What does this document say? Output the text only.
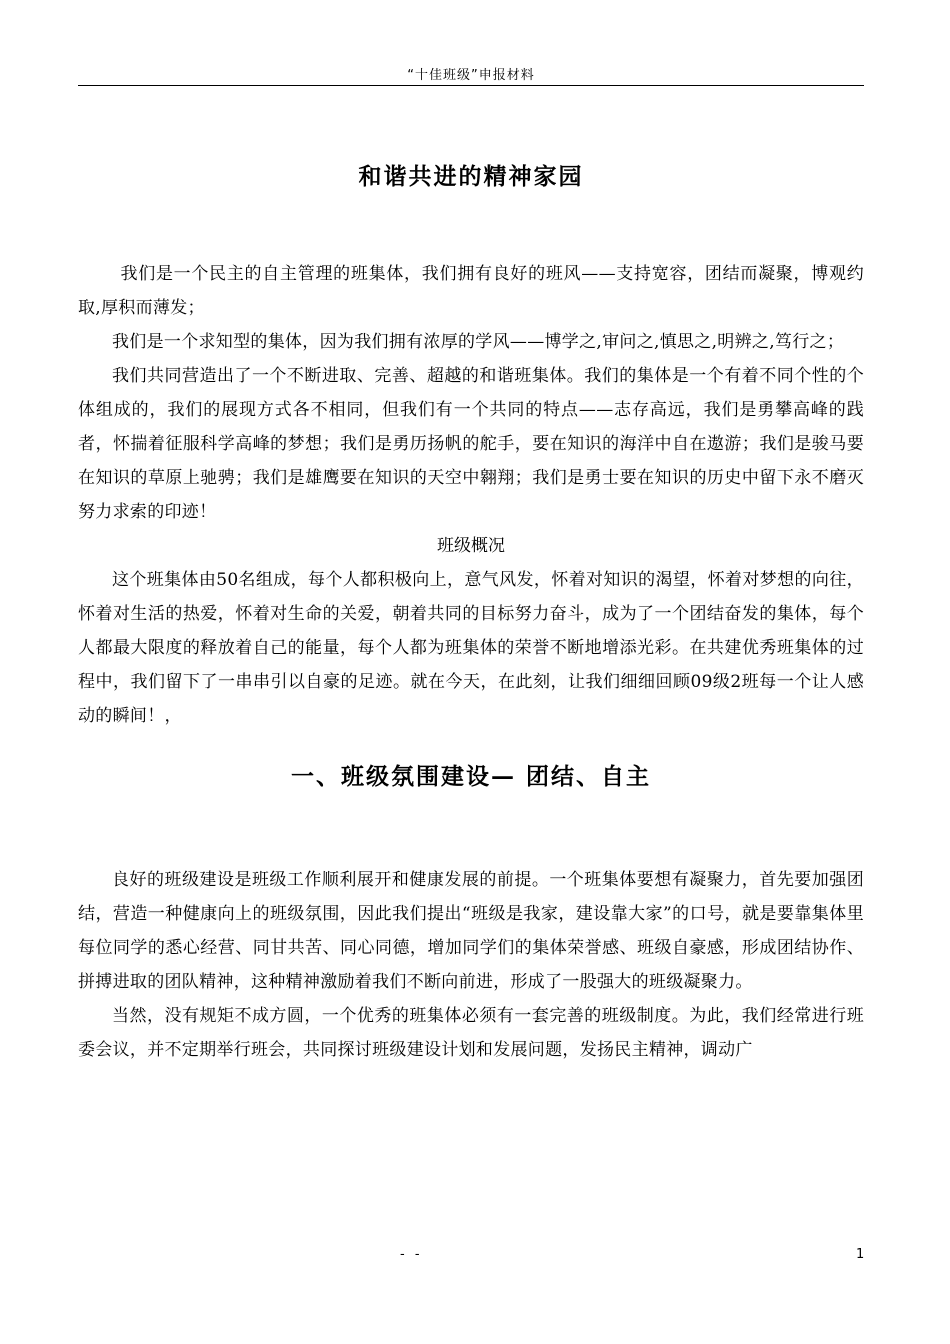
“十佳班级”申报材料
和谐共进的精神家园

我们是一个民主的自主管理的班集体，我们拥有良好的班风——支持宽容，团结而凝聚，博观约取,厚积而薄发；

我们是一个求知型的集体，因为我们拥有浓厚的学风——博学之,审问之,慎思之,明辨之,笃行之；

我们共同营造出了一个不断进取、完善、超越的和谐班集体。我们的集体是一个有着不同个性的个体组成的，我们的展现方式各不相同，但我们有一个共同的特点——志存高远，我们是勇攀高峰的践者，怀揣着征服科学高峰的梦想；我们是勇历扬帆的舵手，要在知识的海洋中自在遨游；我们是骏马要在知识的草原上驰骋；我们是雄鹰要在知识的天空中翱翔；我们是勇士要在知识的历史中留下永不磨灭努力求索的印迹！

班级概况

这个班集体由50名组成，每个人都积极向上，意气风发，怀着对知识的渴望，怀着对梦想的向往，怀着对生活的热爱，怀着对生命的关爱，朝着共同的目标努力奋斗，成为了一个团结奋发的集体，每个人都最大限度的释放着自己的能量，每个人都为班集体的荣誉不断地增添光彩。在共建优秀班集体的过程中，我们留下了一串串引以自豪的足迹。就在今天，在此刻，让我们细细回顾09级2班每一个让人感动的瞬间！，

一、班级氛围建设— 团结、自主

良好的班级建设是班级工作顺利展开和健康发展的前提。一个班集体要想有凝聚力，首先要加强团结，营造一种健康向上的班级氛围，因此我们提出“班级是我家，建设靠大家”的口号，就是要靠集体里每位同学的悉心经营、同甘共苦、同心同德，增加同学们的集体荣誉感、班级自豪感，形成团结协作、拼搏进取的团队精神，这种精神激励着我们不断向前进，形成了一股强大的班级凝聚力。

当然，没有规矩不成方圆，一个优秀的班集体必须有一套完善的班级制度。为此，我们经常进行班委会议，并不定期举行班会，共同探讨班级建设计划和发展问题，发扬民主精神，调动广

- -	1
